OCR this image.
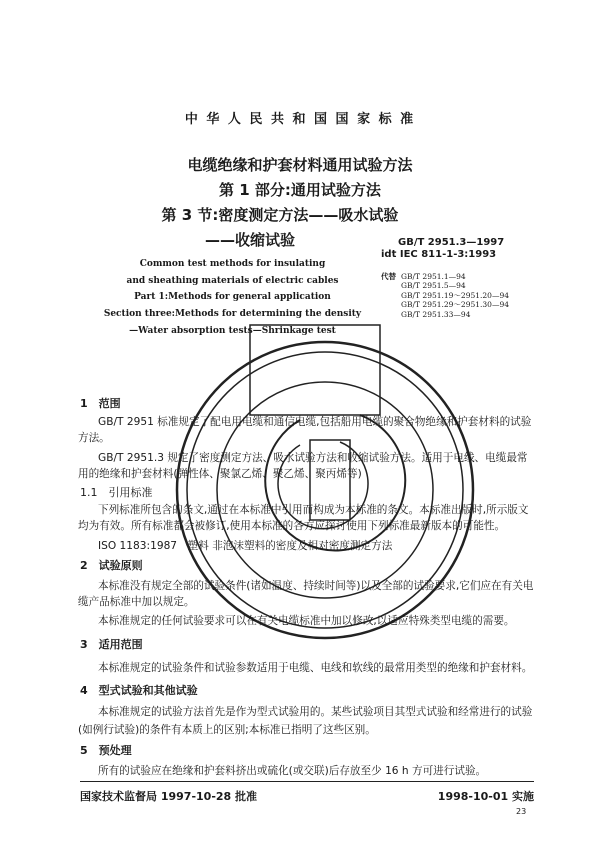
中 华 人 民 共 和 国 国 家 标 准
电缆绝缘和护套材料通用试验方法
第 1 部分:通用试验方法
第 3 节:密度测定方法——吸水试验
——收缩试验	GB/T 2951.3—1997
idt IEC 811-1-3:1993
代替 GB/T 2951.1—94
GB/T 2951.5—94
GB/T 2951.19～2951.20—94
GB/T 2951.29～2951.30—94
GB/T 2951.33—94
Common test methods for insulating
and sheathing materials of electric cables
Part 1:Methods for general application
Section three:Methods for determining the density
—Water absorption tests—Shrinkage test
1　范围
GB/T 2951 标准规定了配电用电缆和通信电缆,包括船用电缆的聚合物绝缘和护套材料的试验方法。
GB/T 2951.3 规定了密度测定方法、吸水试验方法和收缩试验方法。适用于电线、电缆最常用的绝缘和护套材料(弹性体、聚氯乙烯、聚乙烯、聚丙烯等)
1.1　引用标准
下列标准所包含的条文,通过在本标准中引用而构成为本标准的条文。本标准出版时,所示版文均为有效。所有标准都会被修订,使用本标准的各方应探讨使用下列标准最新版本的可能性。
ISO 1183:1987　塑料 非泡沫塑料的密度及相对密度测定方法
2　试验原则
本标准没有规定全部的试验条件(诸如温度、持续时间等)以及全部的试验要求,它们应在有关电缆产品标准中加以规定。
本标准规定的任何试验要求可以在有关电缆标准中加以修改,以适应特殊类型电缆的需要。
3　适用范围
本标准规定的试验条件和试验参数适用于电缆、电线和软线的最常用类型的绝缘和护套材料。
4　型式试验和其他试验
本标准规定的试验方法首先是作为型式试验用的。某些试验项目其型式试验和经常进行的试验(如例行试验)的条件有本质上的区别;本标准已指明了这些区别。
5　预处理
所有的试验应在绝缘和护套料挤出或硫化(或交联)后存放至少 16 h 方可进行试验。
国家技术监督局 1997-10-28 批准	1998-10-01 实施
23
